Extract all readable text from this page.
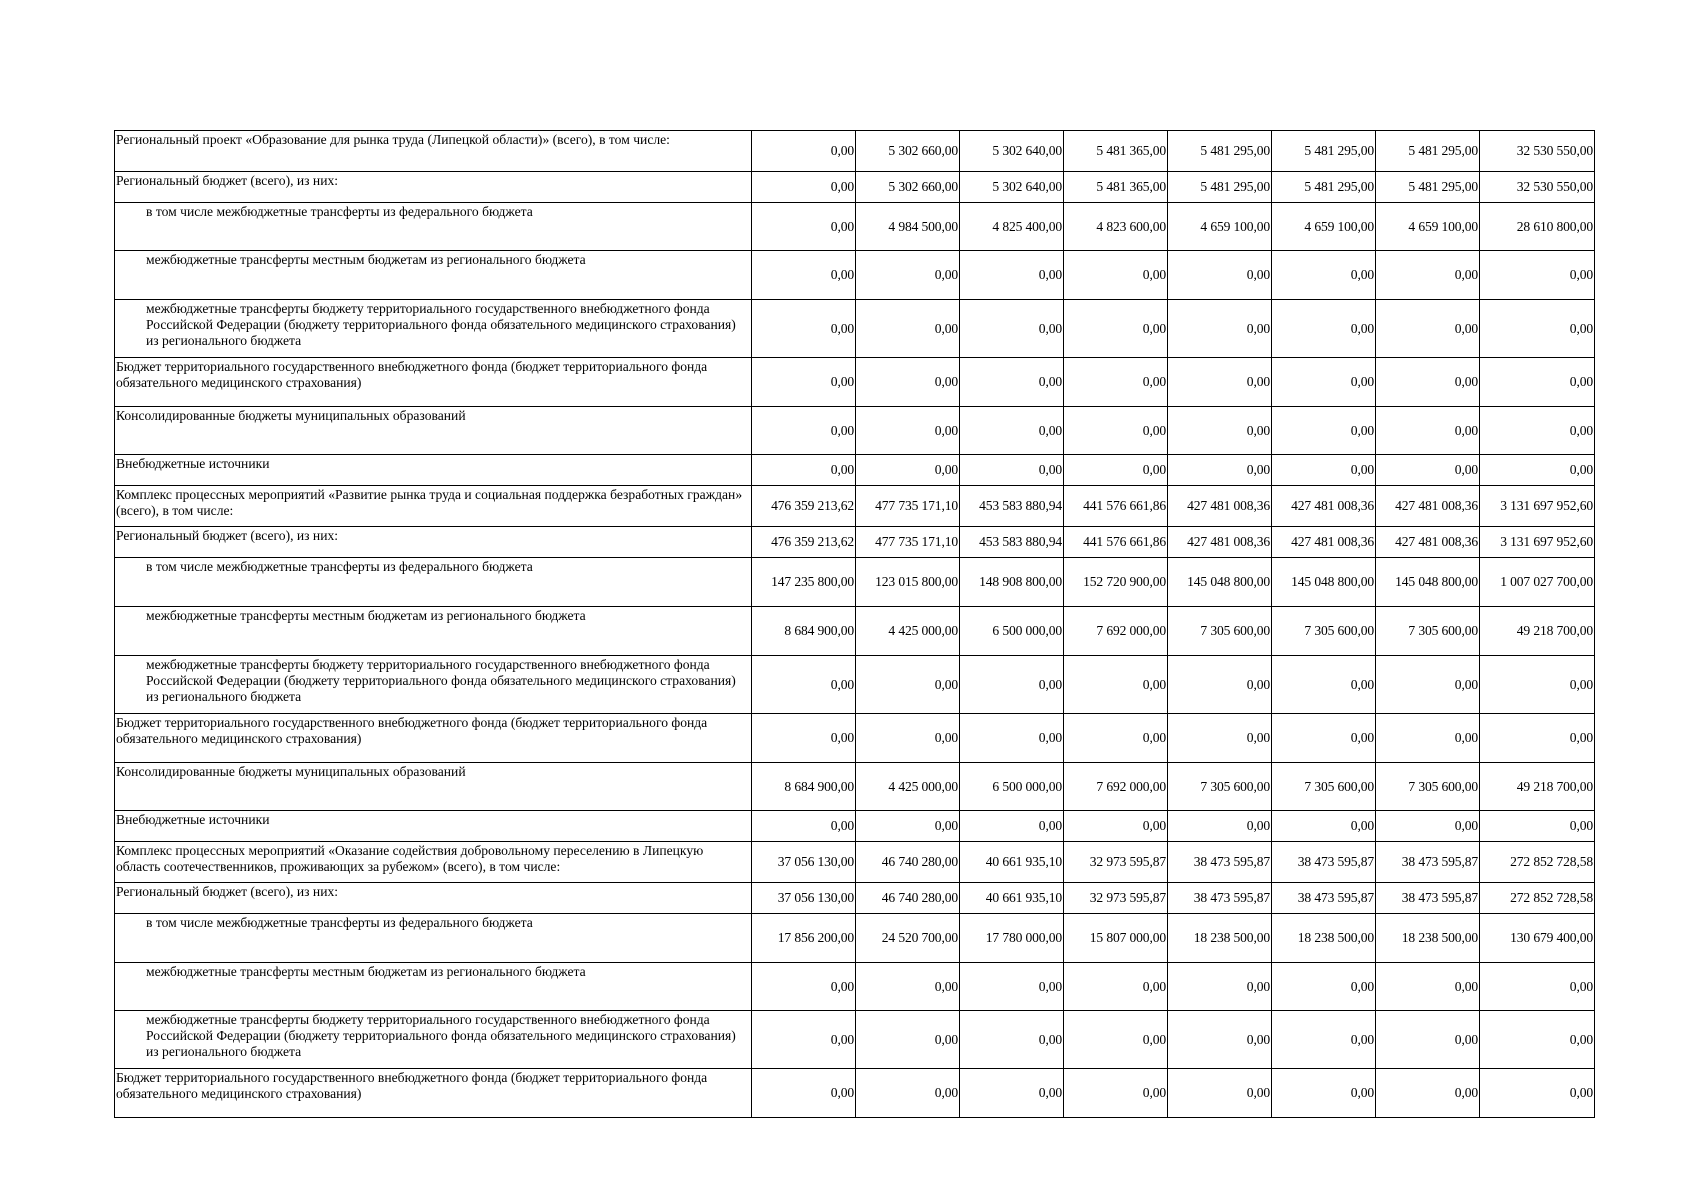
Региональный проект «Образование для рынка труда (Липецкой области)» (всего), в том числе:	0,00	5 302 660,00	5 302 640,00	5 481 365,00	5 481 295,00	5 481 295,00	5 481 295,00	32 530 550,00
Региональный бюджет (всего), из них:	0,00	5 302 660,00	5 302 640,00	5 481 365,00	5 481 295,00	5 481 295,00	5 481 295,00	32 530 550,00
в том числе межбюджетные трансферты из федерального бюджета	0,00	4 984 500,00	4 825 400,00	4 823 600,00	4 659 100,00	4 659 100,00	4 659 100,00	28 610 800,00
межбюджетные трансферты местным бюджетам из регионального бюджета	0,00	0,00	0,00	0,00	0,00	0,00	0,00	0,00
межбюджетные трансферты бюджету территориального государственного внебюджетного фонда Российской Федерации (бюджету территориального фонда обязательного медицинского страхования) из регионального бюджета	0,00	0,00	0,00	0,00	0,00	0,00	0,00	0,00
Бюджет территориального государственного внебюджетного фонда (бюджет территориального фонда обязательного медицинского страхования)	0,00	0,00	0,00	0,00	0,00	0,00	0,00	0,00
Консолидированные бюджеты муниципальных образований	0,00	0,00	0,00	0,00	0,00	0,00	0,00	0,00
Внебюджетные источники	0,00	0,00	0,00	0,00	0,00	0,00	0,00	0,00
Комплекс процессных мероприятий «Развитие рынка труда и социальная поддержка безработных граждан» (всего), в том числе:	476 359 213,62	477 735 171,10	453 583 880,94	441 576 661,86	427 481 008,36	427 481 008,36	427 481 008,36	3 131 697 952,60
Региональный бюджет (всего), из них:	476 359 213,62	477 735 171,10	453 583 880,94	441 576 661,86	427 481 008,36	427 481 008,36	427 481 008,36	3 131 697 952,60
в том числе межбюджетные трансферты из федерального бюджета	147 235 800,00	123 015 800,00	148 908 800,00	152 720 900,00	145 048 800,00	145 048 800,00	145 048 800,00	1 007 027 700,00
межбюджетные трансферты местным бюджетам из регионального бюджета	8 684 900,00	4 425 000,00	6 500 000,00	7 692 000,00	7 305 600,00	7 305 600,00	7 305 600,00	49 218 700,00
межбюджетные трансферты бюджету территориального государственного внебюджетного фонда Российской Федерации (бюджету территориального фонда обязательного медицинского страхования) из регионального бюджета	0,00	0,00	0,00	0,00	0,00	0,00	0,00	0,00
Бюджет территориального государственного внебюджетного фонда (бюджет территориального фонда обязательного медицинского страхования)	0,00	0,00	0,00	0,00	0,00	0,00	0,00	0,00
Консолидированные бюджеты муниципальных образований	8 684 900,00	4 425 000,00	6 500 000,00	7 692 000,00	7 305 600,00	7 305 600,00	7 305 600,00	49 218 700,00
Внебюджетные источники	0,00	0,00	0,00	0,00	0,00	0,00	0,00	0,00
Комплекс процессных мероприятий «Оказание содействия добровольному переселению в Липецкую область соотечественников, проживающих за рубежом» (всего), в том числе:	37 056 130,00	46 740 280,00	40 661 935,10	32 973 595,87	38 473 595,87	38 473 595,87	38 473 595,87	272 852 728,58
Региональный бюджет (всего), из них:	37 056 130,00	46 740 280,00	40 661 935,10	32 973 595,87	38 473 595,87	38 473 595,87	38 473 595,87	272 852 728,58
в том числе межбюджетные трансферты из федерального бюджета	17 856 200,00	24 520 700,00	17 780 000,00	15 807 000,00	18 238 500,00	18 238 500,00	18 238 500,00	130 679 400,00
межбюджетные трансферты местным бюджетам из регионального бюджета	0,00	0,00	0,00	0,00	0,00	0,00	0,00	0,00
межбюджетные трансферты бюджету территориального государственного внебюджетного фонда Российской Федерации (бюджету территориального фонда обязательного медицинского страхования) из регионального бюджета	0,00	0,00	0,00	0,00	0,00	0,00	0,00	0,00
Бюджет территориального государственного внебюджетного фонда (бюджет территориального фонда обязательного медицинского страхования)	0,00	0,00	0,00	0,00	0,00	0,00	0,00	0,00
